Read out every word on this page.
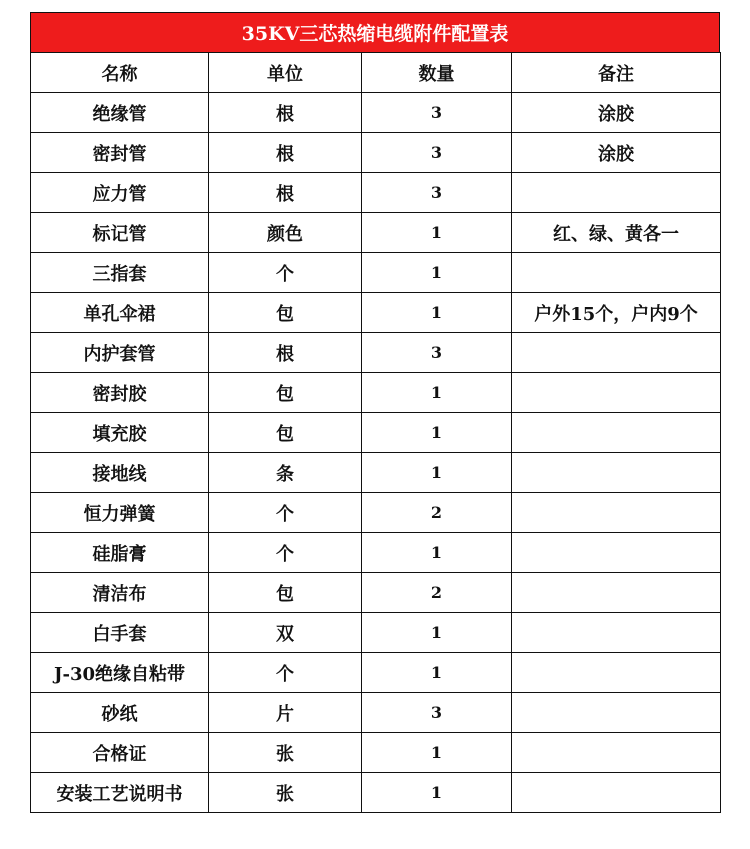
35KV三芯热缩电缆附件配置表
名称	单位	数量	备注
绝缘管	根	3	涂胶
密封管	根	3	涂胶
应力管	根	3	
标记管	颜色	1	红、绿、黄各一
三指套	个	1	
单孔伞裙	包	1	户外15个，户内9个
内护套管	根	3	
密封胶	包	1	
填充胶	包	1	
接地线	条	1	
恒力弹簧	个	2	
硅脂膏	个	1	
清洁布	包	2	
白手套	双	1	
J-30绝缘自粘带	个	1	
砂纸	片	3	
合格证	张	1	
安装工艺说明书	张	1	
